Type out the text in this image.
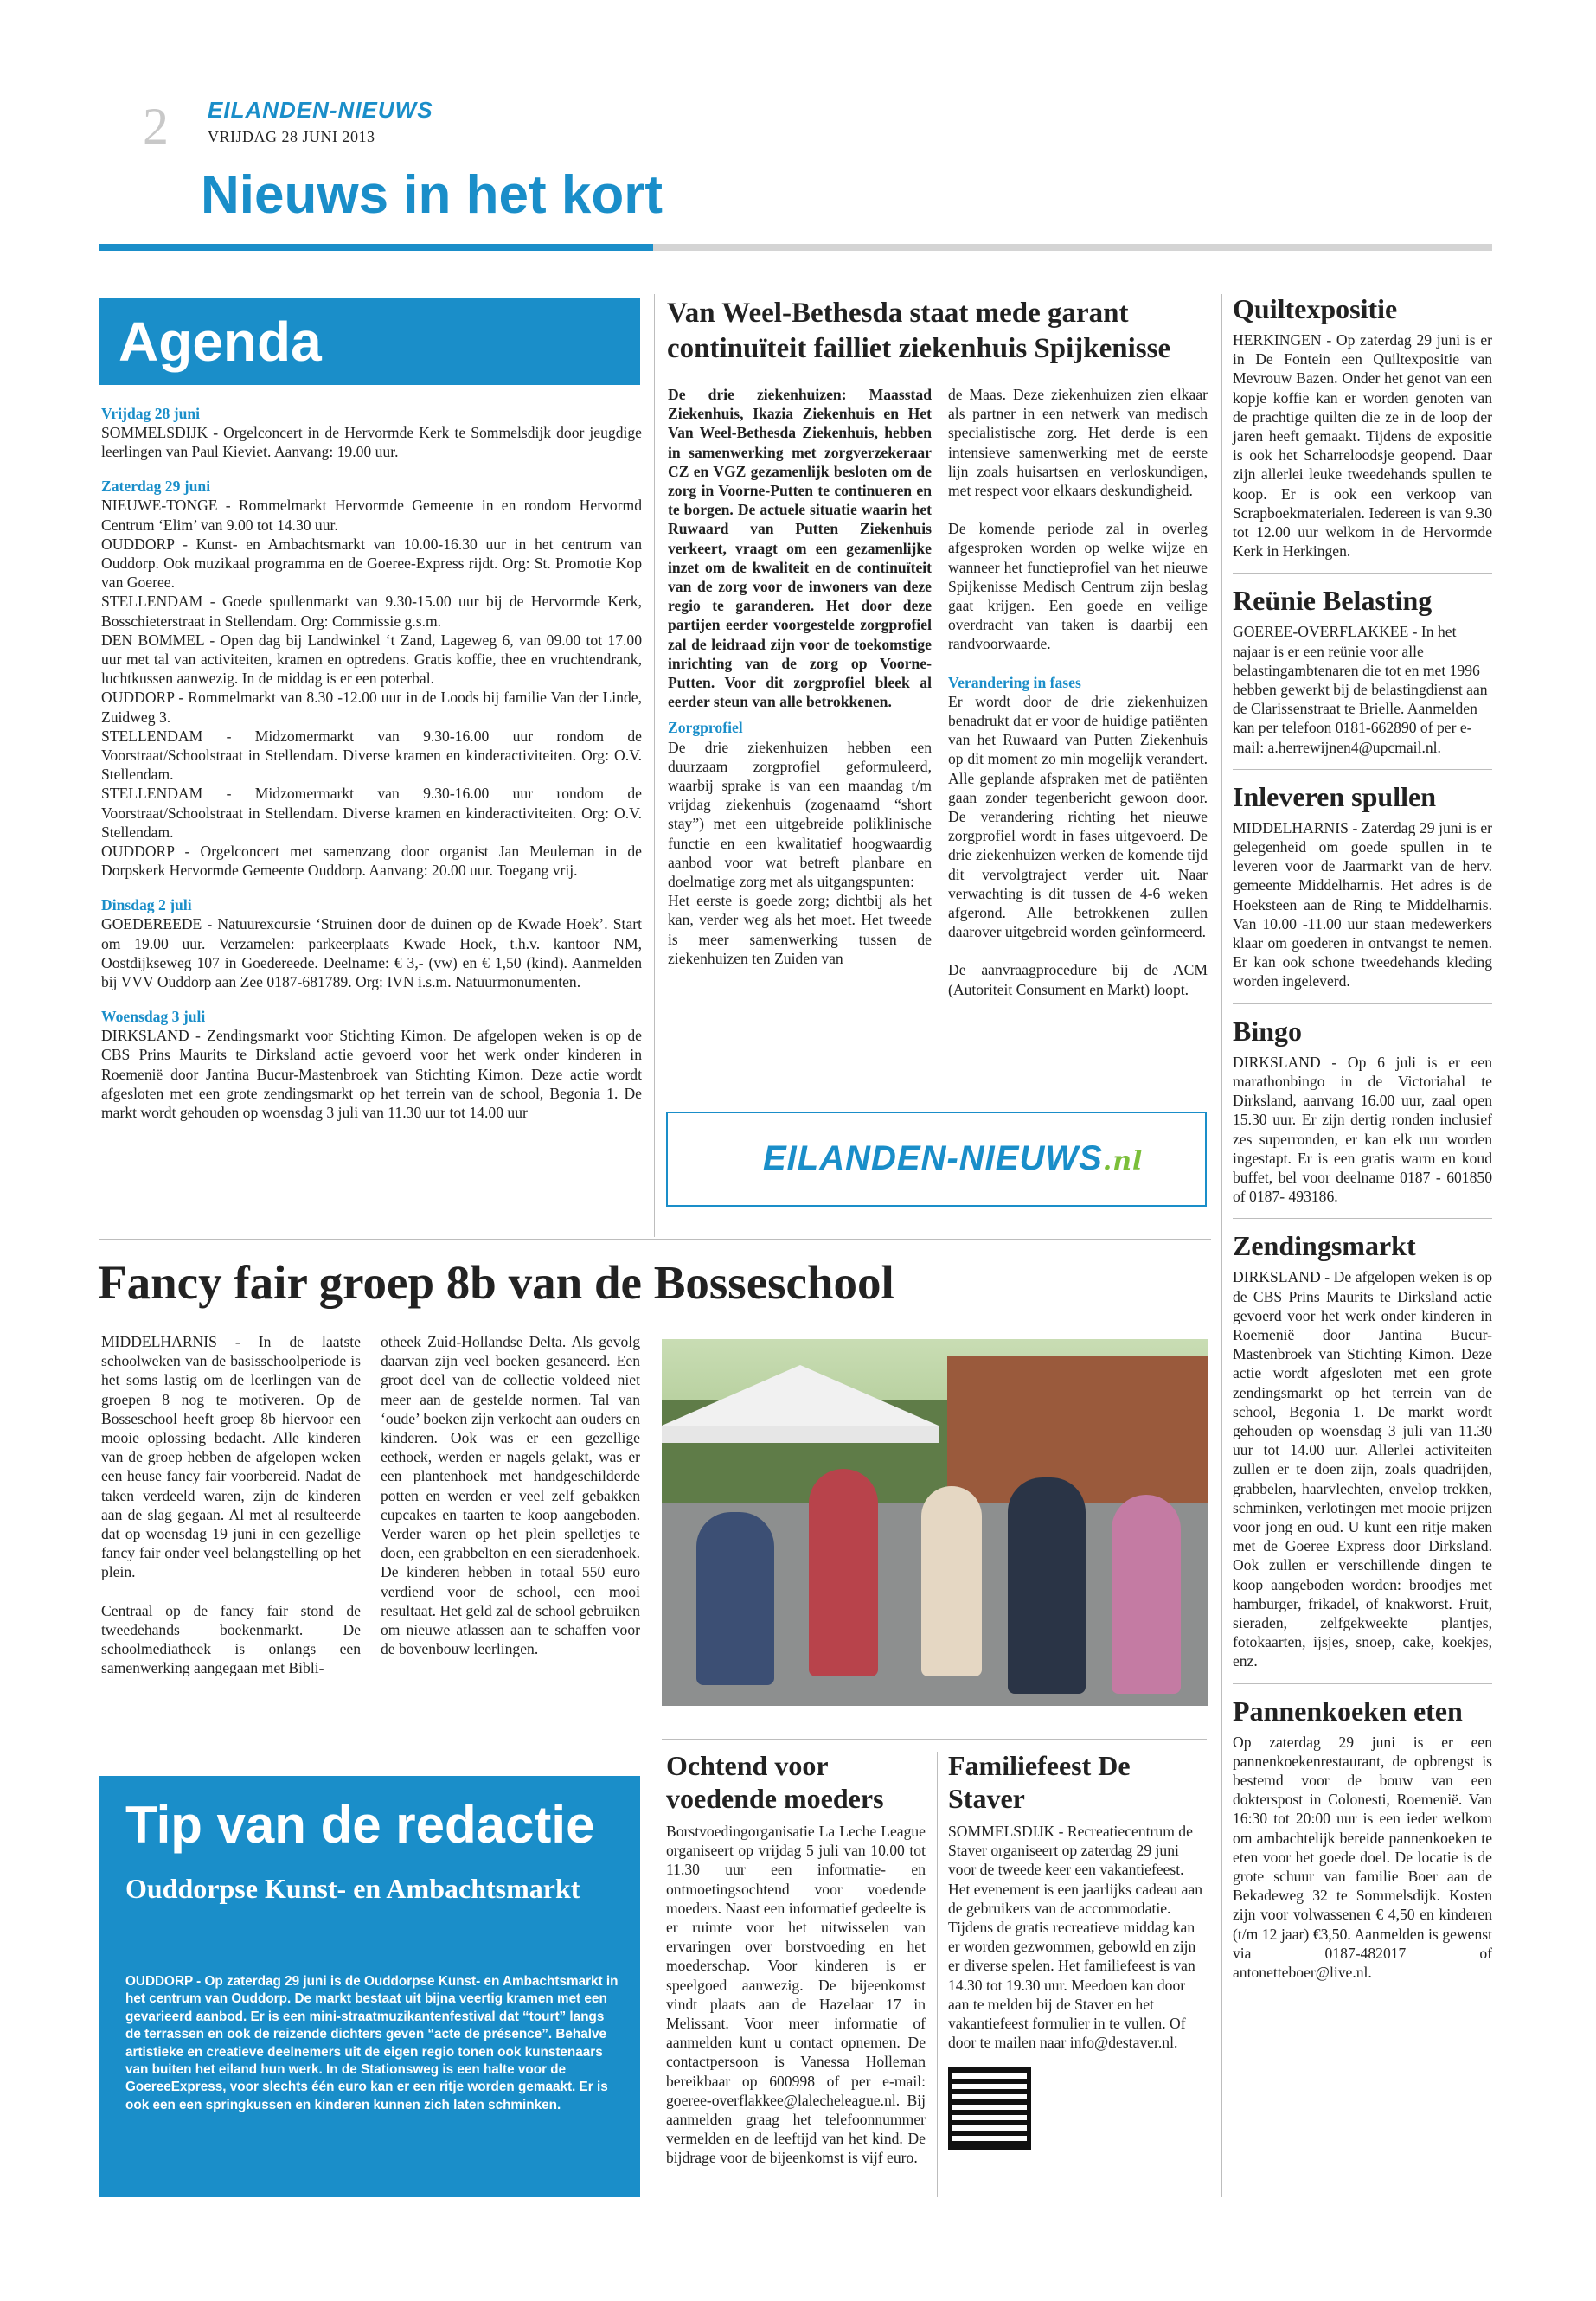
2 EILANDEN-NIEUWS
VRIJDAG 28 JUNI 2013
Nieuws in het kort
Agenda
Vrijdag 28 juni

SOMMELSDIJK - Orgelconcert in de Hervormde Kerk te Sommelsdijk door jeugdige leerlingen van Paul Kieviet. Aanvang: 19.00 uur.

Zaterdag 29 juni

NIEUWE-TONGE - Rommelmarkt Hervormde Gemeente in en rondom Hervormd Centrum ‘Elim’ van 9.00 tot 14.30 uur.

OUDDORP - Kunst- en Ambachtsmarkt van 10.00-16.30 uur in het centrum van Ouddorp. Ook muzikaal programma en de Goeree-Express rijdt. Org: St. Promotie Kop van Goeree.

STELLENDAM - Goede spullenmarkt van 9.30-15.00 uur bij de Hervormde Kerk, Bosschieterstraat in Stellendam. Org: Commissie g.s.m.

DEN BOMMEL - Open dag bij Landwinkel ‘t Zand, Lageweg 6, van 09.00 tot 17.00 uur met tal van activiteiten, kramen en optredens. Gratis koffie, thee en vruchtendrank, luchtkussen aanwezig. In de middag is er een poterbal.

OUDDORP - Rommelmarkt van 8.30 -12.00 uur in de Loods bij familie Van der Linde, Zuidweg 3.

STELLENDAM - Midzomermarkt van 9.30-16.00 uur rondom de Voorstraat/Schoolstraat in Stellendam. Diverse kramen en kinderactiviteiten. Org: O.V. Stellendam.

STELLENDAM - Midzomermarkt van 9.30-16.00 uur rondom de Voorstraat/Schoolstraat in Stellendam. Diverse kramen en kinderactiviteiten. Org: O.V. Stellendam.

OUDDORP - Orgelconcert met samenzang door organist Jan Meuleman in de Dorpskerk Hervormde Gemeente Ouddorp. Aanvang: 20.00 uur. Toegang vrij.

Dinsdag 2 juli

GOEDEREEDE - Natuurexcursie ‘Struinen door de duinen op de Kwade Hoek’. Start om 19.00 uur. Verzamelen: parkeerplaats Kwade Hoek, t.h.v. kantoor NM, Oostdijkseweg 107 in Goedereede. Deelname: € 3,- (vw) en € 1,50 (kind). Aanmelden bij VVV Ouddorp aan Zee 0187-681789. Org: IVN i.s.m. Natuurmonumenten.

Woensdag 3 juli

DIRKSLAND - Zendingsmarkt voor Stichting Kimon. De afgelopen weken is op de CBS Prins Maurits te Dirksland actie gevoerd voor het werk onder kinderen in Roemenië door Jantina Bucur-Mastenbroek van Stichting Kimon. Deze actie wordt afgesloten met een grote zendingsmarkt op het terrein van de school, Begonia 1. De markt wordt gehouden op woensdag 3 juli van 11.30 uur tot 14.00 uur

Van Weel-Bethesda staat mede garant continuïteit failliet ziekenhuis Spijkenisse

De drie ziekenhuizen: Maasstad Ziekenhuis, Ikazia Ziekenhuis en Het Van Weel-Bethesda Ziekenhuis, hebben in samenwerking met zorgverzekeraar CZ en VGZ gezamenlijk besloten om de zorg in Voorne-Putten te continueren en te borgen. De actuele situatie waarin het Ruwaard van Putten Ziekenhuis verkeert, vraagt om een gezamenlijke inzet om de kwaliteit en de continuïteit van de zorg voor de inwoners van deze regio te garanderen. Het door deze partijen eerder voorgestelde zorgprofiel zal de leidraad zijn voor de toekomstige inrichting van de zorg op Voorne-Putten. Voor dit zorgprofiel bleek al eerder steun van alle betrokkenen.

Zorgprofiel

De drie ziekenhuizen hebben een duurzaam zorgprofiel geformuleerd, waarbij sprake is van een maandag t/m vrijdag ziekenhuis (zogenaamd “short stay”) met een uitgebreide poliklinische functie en een kwalitatief hoogwaardig aanbod voor wat betreft planbare en doelmatige zorg met als uitgangspunten:

Het eerste is goede zorg; dichtbij als het kan, verder weg als het moet. Het tweede is meer samenwerking tussen de ziekenhuizen ten Zuiden van

de Maas. Deze ziekenhuizen zien elkaar als partner in een netwerk van medisch specialistische zorg. Het derde is een intensieve samenwerking met de eerste lijn zoals huisartsen en verloskundigen, met respect voor elkaars deskundigheid.

De komende periode zal in overleg afgesproken worden op welke wijze en wanneer het functieprofiel van het nieuwe Spijkenisse Medisch Centrum zijn beslag gaat krijgen. Een goede en veilige overdracht van taken is daarbij een randvoorwaarde.

Verandering in fases

Er wordt door de drie ziekenhuizen benadrukt dat er voor de huidige patiënten van het Ruwaard van Putten Ziekenhuis op dit moment zo min mogelijk verandert. Alle geplande afspraken met de patiënten gaan zonder tegenbericht gewoon door. De verandering richting het nieuwe zorgprofiel wordt in fases uitgevoerd. De drie ziekenhuizen werken de komende tijd dit vervolgtraject verder uit. Naar verwachting is dit tussen de 4-6 weken afgerond. Alle betrokkenen zullen daarover uitgebreid worden geïnformeerd.

De aanvraagprocedure bij de ACM (Autoriteit Consument en Markt) loopt.

EILANDEN-NIEUWS.nl
Quiltexpositie

HERKINGEN - Op zaterdag 29 juni is er in De Fontein een Quiltexpositie van Mevrouw Bazen. Onder het genot van een kopje koffie kan er worden genoten van de prachtige quilten die ze in de loop der jaren heeft gemaakt. Tijdens de expositie is ook het Scharreloodsje geopend. Daar zijn allerlei leuke tweedehands spullen te koop. Er is ook een verkoop van Scrapboekmaterialen. Iedereen is van 9.30 tot 12.00 uur welkom in de Hervormde Kerk in Herkingen.

Reünie Belasting

GOEREE-OVERFLAKKEE - In het najaar is er een reünie voor alle belastingambtenaren die tot en met 1996 hebben gewerkt bij de belastingdienst aan de Clarissenstraat te Brielle. Aanmelden kan per telefoon 0181-662890 of per e-mail: a.herrewijnen4@upcmail.nl.

Inleveren spullen

MIDDELHARNIS - Zaterdag 29 juni is er gelegenheid om goede spullen in te leveren voor de Jaarmarkt van de herv. gemeente Middelharnis. Het adres is de Hoeksteen aan de Ring te Middelharnis. Van 10.00 -11.00 uur staan medewerkers klaar om goederen in ontvangst te nemen. Er kan ook schone tweedehands kleding worden ingeleverd.

Bingo

DIRKSLAND - Op 6 juli is er een marathonbingo in de Victoriahal te Dirksland, aanvang 16.00 uur, zaal open 15.30 uur. Er zijn dertig ronden inclusief zes superronden, er kan elk uur worden ingestapt. Er is een gratis warm en koud buffet, bel voor deelname 0187 - 601850 of 0187- 493186.

Zendingsmarkt

DIRKSLAND - De afgelopen weken is op de CBS Prins Maurits te Dirksland actie gevoerd voor het werk onder kinderen in Roemenië door Jantina Bucur-Mastenbroek van Stichting Kimon. Deze actie wordt afgesloten met een grote zendingsmarkt op het terrein van de school, Begonia 1. De markt wordt gehouden op woensdag 3 juli van 11.30 uur tot 14.00 uur. Allerlei activiteiten zullen er te doen zijn, zoals quadrijden, grabbelen, haarvlechten, envelop trekken, schminken, verlotingen met mooie prijzen voor jong en oud. U kunt een ritje maken met de Goeree Express door Dirksland. Ook zullen er verschillende dingen te koop aangeboden worden: broodjes met hamburger, frikadel, of knakworst. Fruit, sieraden, zelfgekweekte plantjes, fotokaarten, ijsjes, snoep, cake, koekjes, enz.

Pannenkoeken eten

Op zaterdag 29 juni is er een pannenkoekenrestaurant, de opbrengst is bestemd voor de bouw van een dokterspost in Colonesti, Roemenië. Van 16:30 tot 20:00 uur is een ieder welkom om ambachtelijk bereide pannenkoeken te eten voor het goede doel. De locatie is de grote schuur van familie Boer aan de Bekadeweg 32 te Sommelsdijk. Kosten zijn voor volwassenen € 4,50 en kinderen (t/m 12 jaar) €3,50. Aanmelden is gewenst via 0187-482017 of antonetteboer@live.nl.

Fancy fair groep 8b van de Bosseschool

MIDDELHARNIS - In de laatste schoolweken van de basisschoolperiode is het soms lastig om de leerlingen van de groepen 8 nog te motiveren. Op de Bosseschool heeft groep 8b hiervoor een mooie oplossing bedacht. Alle kinderen van de groep hebben de afgelopen weken een heuse fancy fair voorbereid. Nadat de taken verdeeld waren, zijn de kinderen aan de slag gegaan. Al met al resulteerde dat op woensdag 19 juni in een gezellige fancy fair onder veel belangstelling op het plein.

Centraal op de fancy fair stond de tweedehands boekenmarkt. De schoolmediatheek is onlangs een samenwerking aangegaan met Bibli-

otheek Zuid-Hollandse Delta. Als gevolg daarvan zijn veel boeken gesaneerd. Een groot deel van de collectie voldeed niet meer aan de gestelde normen. Tal van ‘oude’ boeken zijn verkocht aan ouders en kinderen. Ook was er een gezellige eethoek, werden er nagels gelakt, was er een plantenhoek met handgeschilderde potten en werden er veel zelf gebakken cupcakes en taarten te koop aangeboden. Verder waren op het plein spelletjes te doen, een grabbelton en een sieradenhoek. De kinderen hebben in totaal 550 euro verdiend voor de school, een mooi resultaat. Het geld zal de school gebruiken om nieuwe atlassen aan te schaffen voor de bovenbouw leerlingen.

Tip van de redactie
Ouddorpse Kunst- en Ambachtsmarkt

OUDDORP - Op zaterdag 29 juni is de Ouddorpse Kunst- en Ambachtsmarkt in het centrum van Ouddorp. De markt bestaat uit bijna veertig kramen met een gevarieerd aanbod. Er is een mini-straatmuzikantenfestival dat “tourt” langs de terrassen en ook de reizende dichters geven “acte de présence”. Behalve artistieke en creatieve deelnemers uit de eigen regio tonen ook kunstenaars van buiten het eiland hun werk. In de Stationsweg is een halte voor de GoereeExpress, voor slechts één euro kan er een ritje worden gemaakt. Er is ook een een springkussen en kinderen kunnen zich laten schminken.

Ochtend voor voedende moeders

Borstvoedingorganisatie La Leche League organiseert op vrijdag 5 juli van 10.00 tot 11.30 uur een informatie- en ontmoetingsochtend voor voedende moeders. Naast een informatief gedeelte is er ruimte voor het uitwisselen van ervaringen over borstvoeding en het moederschap. Voor kinderen is er speelgoed aanwezig. De bijeenkomst vindt plaats aan de Hazelaar 17 in Melissant. Voor meer informatie of aanmelden kunt u contact opnemen. De contactpersoon is Vanessa Holleman bereikbaar op 600998 of per e-mail: goeree-overflakkee@lalecheleague.nl. Bij aanmelden graag het telefoonnummer vermelden en de leeftijd van het kind. De bijdrage voor de bijeenkomst is vijf euro.

Familiefeest De Staver

SOMMELSDIJK - Recreatiecentrum de Staver organiseert op zaterdag 29 juni voor de tweede keer een vakantiefeest. Het evenement is een jaarlijks cadeau aan de gebruikers van de accommodatie. Tijdens de gratis recreatieve middag kan er worden gezwommen, gebowld en zijn er diverse spelen. Het familiefeest is van 14.30 tot 19.30 uur. Meedoen kan door aan te melden bij de Staver en het vakantiefeest formulier in te vullen. Of door te mailen naar info@destaver.nl.
